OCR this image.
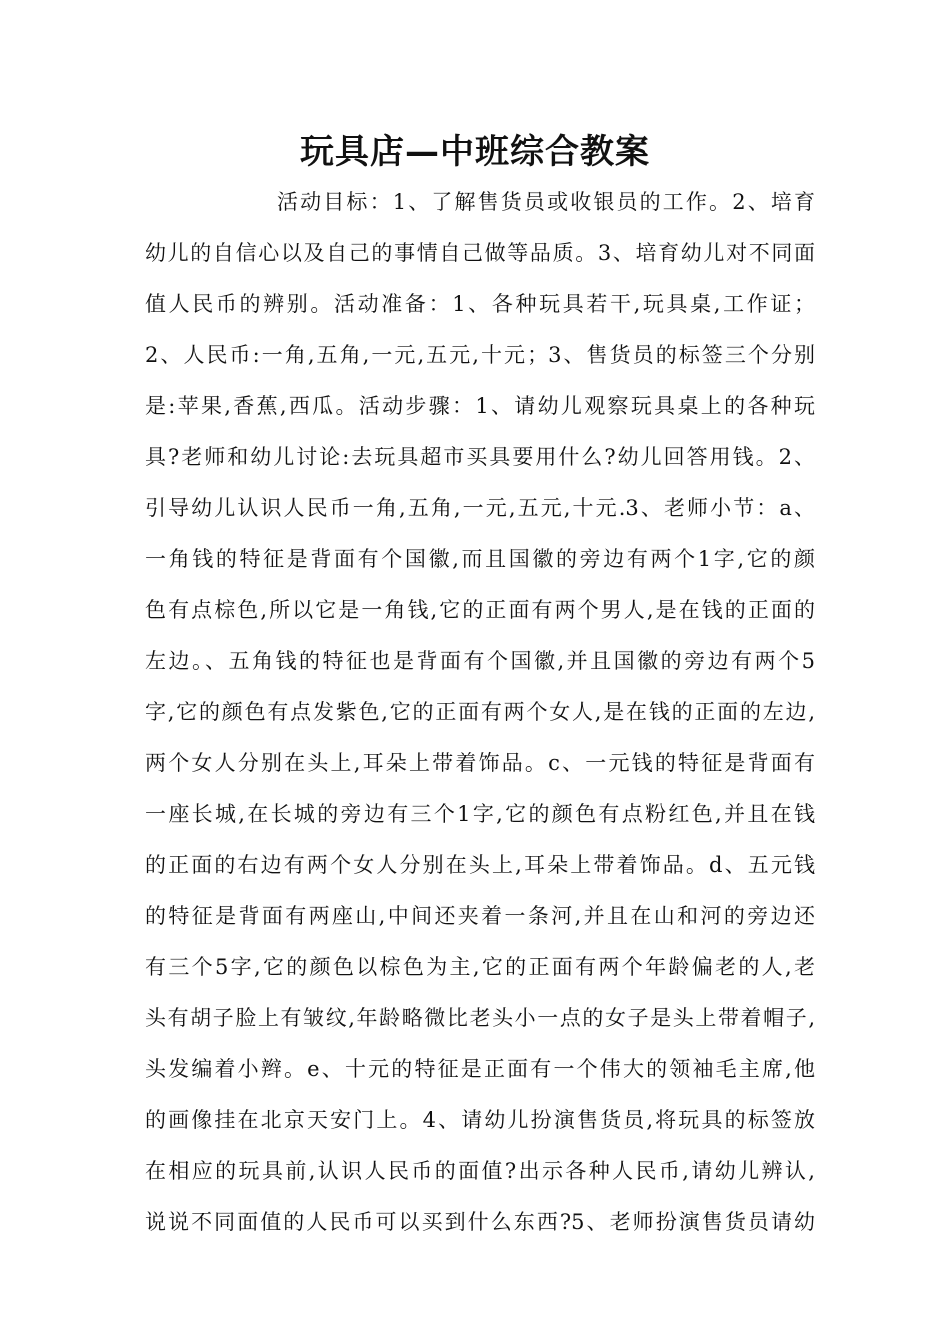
玩具店—中班综合教案
活动目标：1、了解售货员或收银员的工作。2、培育
幼儿的自信心以及自己的事情自己做等品质。3、培育幼儿对不同面
值人民币的辨别。活动准备：1、各种玩具若干,玩具桌,工作证；
2、人民币:一角,五角,一元,五元,十元；3、售货员的标签三个分别
是:苹果,香蕉,西瓜。活动步骤：1、请幼儿观察玩具桌上的各种玩
具?老师和幼儿讨论:去玩具超市买具要用什么?幼儿回答用钱。2、
引导幼儿认识人民币一角,五角,一元,五元,十元.3、老师小节：a、
一角钱的特征是背面有个国徽,而且国徽的旁边有两个1字,它的颜
色有点棕色,所以它是一角钱,它的正面有两个男人,是在钱的正面的
左边。、五角钱的特征也是背面有个国徽,并且国徽的旁边有两个5
字,它的颜色有点发紫色,它的正面有两个女人,是在钱的正面的左边,
两个女人分别在头上,耳朵上带着饰品。c、一元钱的特征是背面有
一座长城,在长城的旁边有三个1字,它的颜色有点粉红色,并且在钱
的正面的右边有两个女人分别在头上,耳朵上带着饰品。d、五元钱
的特征是背面有两座山,中间还夹着一条河,并且在山和河的旁边还
有三个5字,它的颜色以棕色为主,它的正面有两个年龄偏老的人,老
头有胡子脸上有皱纹,年龄略微比老头小一点的女子是头上带着帽子,
头发编着小辫。e、十元的特征是正面有一个伟大的领袖毛主席,他
的画像挂在北京天安门上。4、请幼儿扮演售货员,将玩具的标签放
在相应的玩具前,认识人民币的面值?出示各种人民币,请幼儿辨认,
说说不同面值的人民币可以买到什么东西?5、老师扮演售货员请幼
